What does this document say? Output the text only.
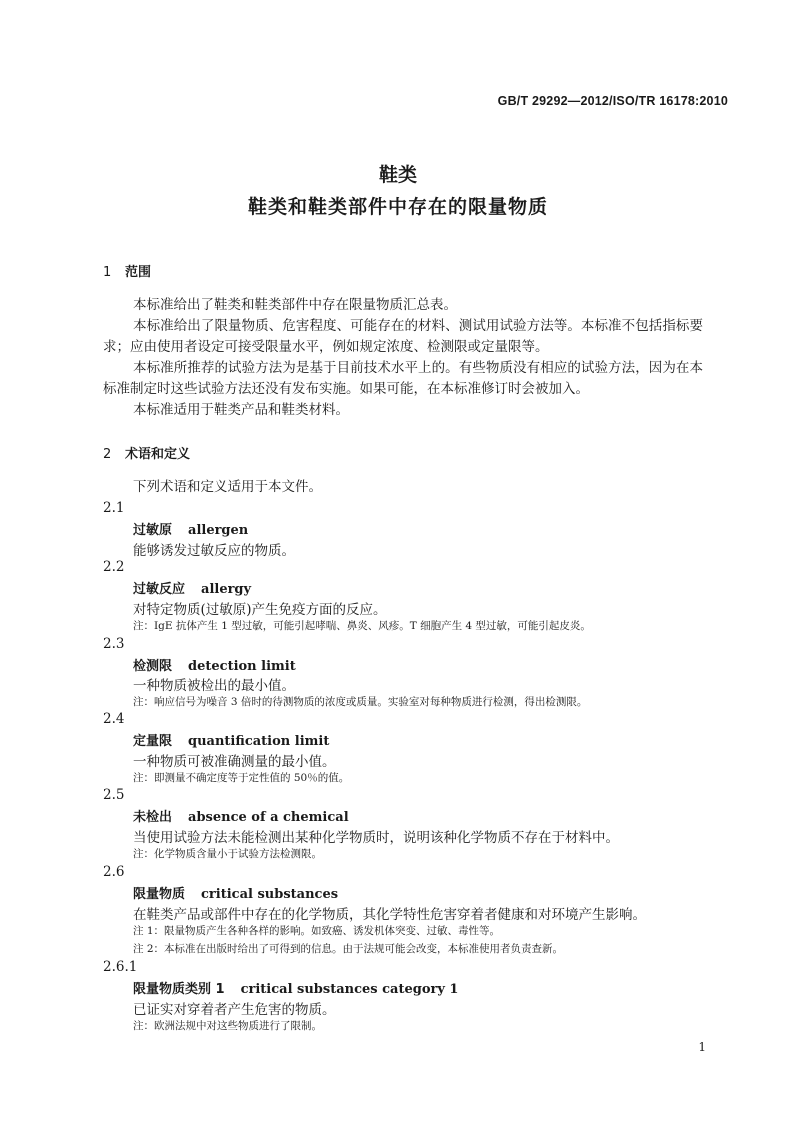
GB/T 29292—2012/ISO/TR 16178:2010
鞋类
鞋类和鞋类部件中存在的限量物质
1 范围

本标准给出了鞋类和鞋类部件中存在限量物质汇总表。

本标准给出了限量物质、危害程度、可能存在的材料、测试用试验方法等。本标准不包括指标要求；应由使用者设定可接受限量水平，例如规定浓度、检测限或定量限等。

本标准所推荐的试验方法为是基于目前技术水平上的。有些物质没有相应的试验方法，因为在本标准制定时这些试验方法还没有发布实施。如果可能，在本标准修订时会被加入。

本标准适用于鞋类产品和鞋类材料。

2 术语和定义

下列术语和定义适用于本文件。

2.1
过敏原 allergen
能够诱发过敏反应的物质。
2.2
过敏反应 allergy
对特定物质(过敏原)产生免疫方面的反应。
注：IgE 抗体产生 1 型过敏，可能引起哮喘、鼻炎、风疹。T 细胞产生 4 型过敏，可能引起皮炎。
2.3
检测限 detection limit
一种物质被检出的最小值。
注：响应信号为噪音 3 倍时的待测物质的浓度或质量。实验室对每种物质进行检测，得出检测限。
2.4
定量限 quantification limit
一种物质可被准确测量的最小值。
注：即测量不确定度等于定性值的 50％的值。
2.5
未检出 absence of a chemical
当使用试验方法未能检测出某种化学物质时，说明该种化学物质不存在于材料中。
注：化学物质含量小于试验方法检测限。
2.6
限量物质 critical substances
在鞋类产品或部件中存在的化学物质，其化学特性危害穿着者健康和对环境产生影响。
注 1：限量物质产生各种各样的影响。如致癌、诱发机体突变、过敏、毒性等。
注 2：本标准在出版时给出了可得到的信息。由于法规可能会改变，本标准使用者负责查新。
2.6.1
限量物质类别 1 critical substances category 1
已证实对穿着者产生危害的物质。
注：欧洲法规中对这些物质进行了限制。
1
